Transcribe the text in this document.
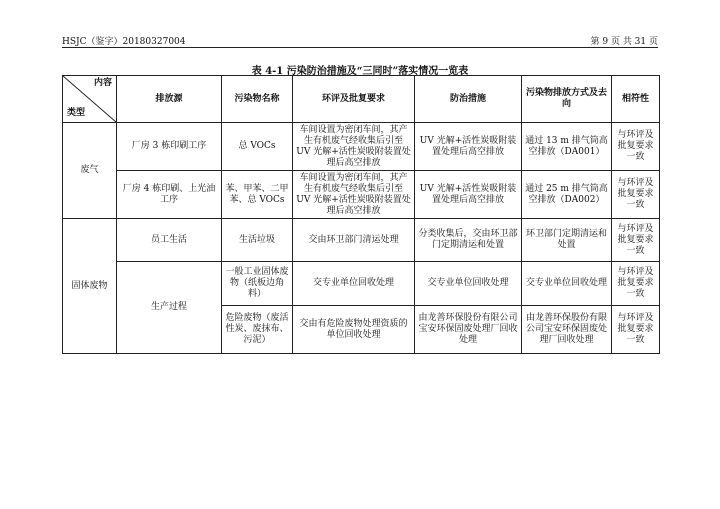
HSJC（鉴字）20180327004	第 9 页 共 31 页
表 4-1 污染防治措施及“三同时”落实情况一览表
内容
类型	排放源	污染物名称	环评及批复要求	防治措施	污染物排放方式及去向	相符性
废气	厂房 3 栋印刷工序	总 VOCs	车间设置为密闭车间，其产生有机废气经收集后引至 UV 光解+活性炭吸附装置处理后高空排放	UV 光解+活性炭吸附装置处理后高空排放	通过 13 m 排气筒高空排放（DA001）	与环评及批复要求一致
	厂房 4 栋印刷、上光油工序	苯、甲苯、二甲苯、总 VOCs	车间设置为密闭车间，其产生有机废气经收集后引至 UV 光解+活性炭吸附装置处理后高空排放	UV 光解+活性炭吸附装置处理后高空排放	通过 25 m 排气筒高空排放（DA002）	与环评及批复要求一致
固体废物	员工生活	生活垃圾	交由环卫部门清运处理	分类收集后，交由环卫部门定期清运和处置	环卫部门定期清运和处置	与环评及批复要求一致
	生产过程	一般工业固体废物（纸板边角料）	交专业单位回收处理	交专业单位回收处理	交专业单位回收处理	与环评及批复要求一致
		危险废物（废活性炭、废抹布、污泥）	交由有危险废物处理资质的单位回收处理	由龙善环保股份有限公司宝安环保固废处理厂回收处理	由龙善环保股份有限公司宝安环保固废处理厂回收处理	与环评及批复要求一致
